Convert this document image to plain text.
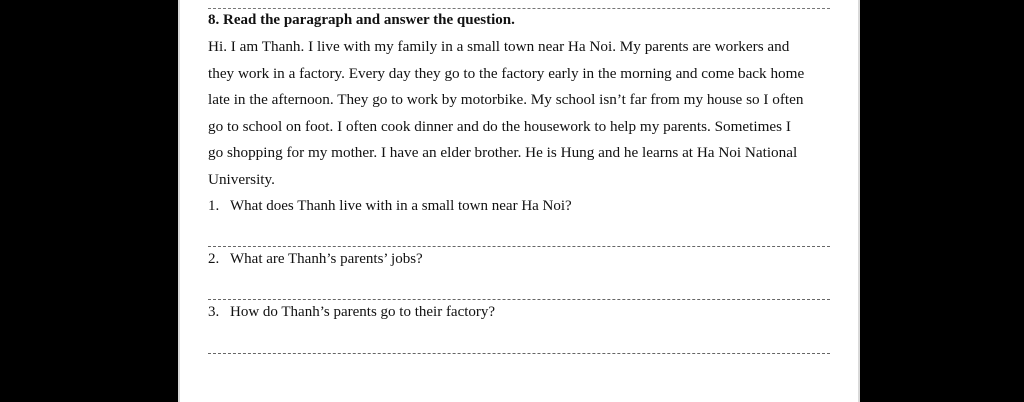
8. Read the paragraph and answer the question.
Hi. I am Thanh. I live with my family in a small town near Ha Noi. My parents are workers and
they work in a factory. Every day they go to the factory early in the morning and come back home
late in the afternoon. They go to work by motorbike. My school isn’t far from my house so I often
go to school on foot. I often cook dinner and do the housework to help my parents. Sometimes I
go shopping for my mother. I have an elder brother. He is Hung and he learns at Ha Noi National
University.
1. What does Thanh live with in a small town near Ha Noi?
2. What are Thanh’s parents’ jobs?
3. How do Thanh’s parents go to their factory?
